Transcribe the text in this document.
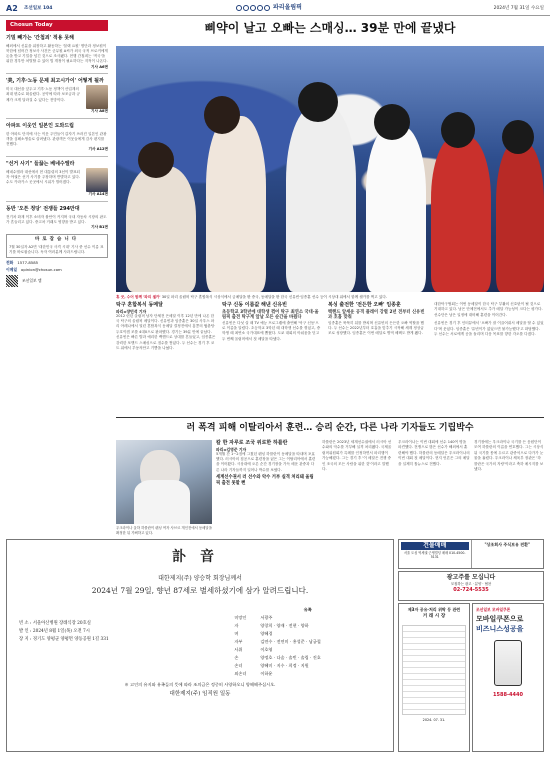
A2 조선일보 104	파리올림픽	2024년 7월 31일 수요일
Chosun Today
기밀 빼가는 '간첩죄' 적용 못해
해외에서 신분을 위장하고 활동하는 '블랙 요원' 명단과 정보원이 북한에 넘어간 정보사 사건은 군무원 A씨가 외국 국적 브로커에게 돈을 받고 기밀을 넘긴 것으로 조사됐다. 현행 간첩죄는 '적국'을 위한 경우만 처벌할 수 있어 법 개정이 필요하다는 지적이 나온다.
기사 A6면
'美, 기후·노동 문제 최고시가이' 어떻게 될까
미국 대선을 앞두고 기후·노동 정책이 산업계의 최대 변수로 떠올랐다. 공약에 따라 보조금과 규제가 크게 달라질 수 있다는 전망이다.
기사 A8면
아파트 이웃인 일본인 도와드립
한 아파트 단지에 사는 이웃 주민들이 갑자기 쓰러진 일본인 관광객을 심폐소생술로 살려냈다. 관광객은 이웃들에게 감사 편지를 전했다.
기사 A12면
"선거 사기" 들끓는 베네수엘라
베네수엘라 대선에서 현 대통령의 3선이 발표되자 야권은 선거 사기를 주장하며 반발하고 있다. 수도 카라카스 곳곳에서 시위가 벌어졌다.
기사 A14면
동반 '오픈 정당' 전쟁들 294만대
전기차 화재 이후 소비자 불안이 커지며 국내 자동차 시장의 판도가 흔들리고 있다. 중고차 거래도 영향을 받고 있다.
기사 B1면
바로잡습니다
7월 30일자 A2면 '대한민국 사격 시대' 기사 중 선수 이름 표기를 바로잡습니다. 독자 여러분께 사과드립니다.
전화 1577-8585
이메일 opinion@chosun.com
조선일보 앱
삐약이 날고 오빠는 스매싱… 39분 만에 끝냈다
휴 굿, 수어 함께 '파리 셀카' 30일 파리 올림픽 탁구 혼합복식 시상식에서 금메달을 딴 중국, 동메달을 딴 한국 신유빈·임종훈 선수 등이 시상대 위에서 함께 셀카를 찍고 있다.
탁구 혼합복식 동메달
파리=장민석 기자
2012 런던 올림픽 남자 단체전 은메달 이후 12년 만에 나온 한국 탁구의 올림픽 메달이다. 신유빈과 임종훈은 30일 사우스 파리 아레나에서 열린 혼합복식 동메달 결정전에서 홍콩의 웡춘팅·두호이켐 조를 4대0으로 완파했다. 경기는 39분 만에 끝났다. 신유빈은 빠른 발과 예리한 백핸드로 상대를 흔들었고, 임종훈은 강력한 포핸드 스매싱으로 점수를 쌓았다. 두 선수는 경기 후 코트 위에서 부둥켜안고 기쁨을 나눴다.
탁구 신동 이름값 해낸 신유빈
초등학교 3학년에 대학생 꺾어 탁구 최연소 국대·올림픽 출전 탁구계 앞날 모든 순간을 바꿨다
신유빈은 다섯 살 때 TV 예능 프로그램에 출연해 '탁구 신동'으로 이름을 알렸다. 초등학교 3학년 때 대학생 선수를 꺾었고, 중학생 때 최연소 국가대표에 뽑혔다. 도쿄 대회의 아쉬움을 딛고 두 번째 올림픽에서 첫 메달을 따냈다.
복싱 출전한 '전든한 오빠' 임종훈
백핸드 앞세운 공격 플레이 강렬 2년 전부터 신유빈과 호흡 맞춰
임종훈은 묵묵히 뒤를 받치며 신유빈의 든든한 오빠 역할을 했다. 두 선수는 2022년부터 호흡을 맞추기 시작해 세계 정상급 조로 성장했다. 임종훈은 이번 메달로 병역 혜택도 받게 됐다.
대한탁구협회는 이번 동메달이 한국 탁구 부활의 신호탄이 될 것으로 기대하고 있다. 남은 단체전에서도 추가 메달 가능성이 크다는 평가다. 선수단은 남은 일정에 대비해 훈련을 이어간다.
신유빈은 경기 후 인터뷰에서 '오빠가 잘 이끌어줘서 메달을 딸 수 있었다'며 웃었다. 임종훈은 '유빈이가 없었으면 불가능했다'고 화답했다. 두 선수는 서로에게 공을 돌리며 다음 목표를 향한 각오를 다졌다.
러 폭격 피해 이탈리아서 훈련… 승리 순간, 다른 나라 기자들도 기립박수
우크라이나 올하 하를란이 펜싱 여자 사브르 개인전에서 동메달을 확정한 뒤 기뻐하고 있다.
칼 한 자루로 조국 위로한 하를란
파리=김영준 기자
5개월 간 1~2점에 그쳤던 펜싱 하를란이 동메달을 따내며 포효했다. 러시아의 침공으로 훈련장을 잃은 그는 이탈리아에서 훈련을 이어왔다. 시상대에 오른 순간 경기장을 가득 메운 관중과 다른 나라 기자들까지 일어나 박수를 보냈다.
세계선수권서 러 선수와 악수 거부 실격 처리돼 올림픽 출전 못할 뻔
하를란은 2023년 세계선수권에서 러시아 선수와의 악수를 거부해 실격 처리됐다. 국제올림픽위원회가 특례를 인정하면서 파리행이 가능해졌다. 그는 경기 후 '이 메달은 전쟁 중인 조국의 모든 사람을 위한 것'이라고 말했다.
우크라이나는 이번 대회에 선수 140여 명을 파견했다. 전쟁으로 많은 선수가 해외에서 훈련해야 했다. 하를란의 동메달은 우크라이나의 이번 대회 첫 메달이다. 현지 언론은 그의 메달을 일제히 톱뉴스로 전했다.
경기장에는 우크라이나 국기를 든 응원단이 모여 하를란의 이름을 연호했다. 그는 시상식 뒤 국기를 몸에 두르고 관중석으로 다가가 눈물을 흘렸다. 우크라이나 체육부 장관은 '하를란은 국가의 자랑'이라고 축하 메시지를 보냈다.
訃音
대한제지(주) 양승학 회장님께서
2024년 7월 29일, 향년 87세로 별세하셨기에 삼가 알려드립니다.
빈 소 : 서울아산병원 장례식장 20호실
발 인 : 2024년 8월 1일(목) 오전 7시
장 지 : 경기도 양평군 양평면 양동공원 1길 331
유족
미망인	서광주
자	양창희 · 양재 · 전현 · 양하
며	양혜경
자부	김연수 · 전연미 · 홍성준 · 남궁철
사위	이호영
손	양정호 · 다솜 · 솔빈 · 솔림 · 진호
손녀	양혜미 · 지수 · 희정 · 지원
외손녀	이하윤
※ 고인의 유지와 유족들의 뜻에 따라 조의금은 정중히 사양하오니 양해해주십시오.
대한제지(주) 임직원 일동
건물매매
서울 도심 역세권 근생빌딩 매매 010-4500-5131
"상조회사 주식보유 전환"
광고주를 모십니다
모집하는 광고 · 분양 · 협찬
02-724-5535
제3자 공유·처리 위탁 등 관련
거 래 시 장
2024. 07. 31.
조선일보 모바일쿠폰
모바일쿠폰으로
비즈니스성공을
1588-4440
